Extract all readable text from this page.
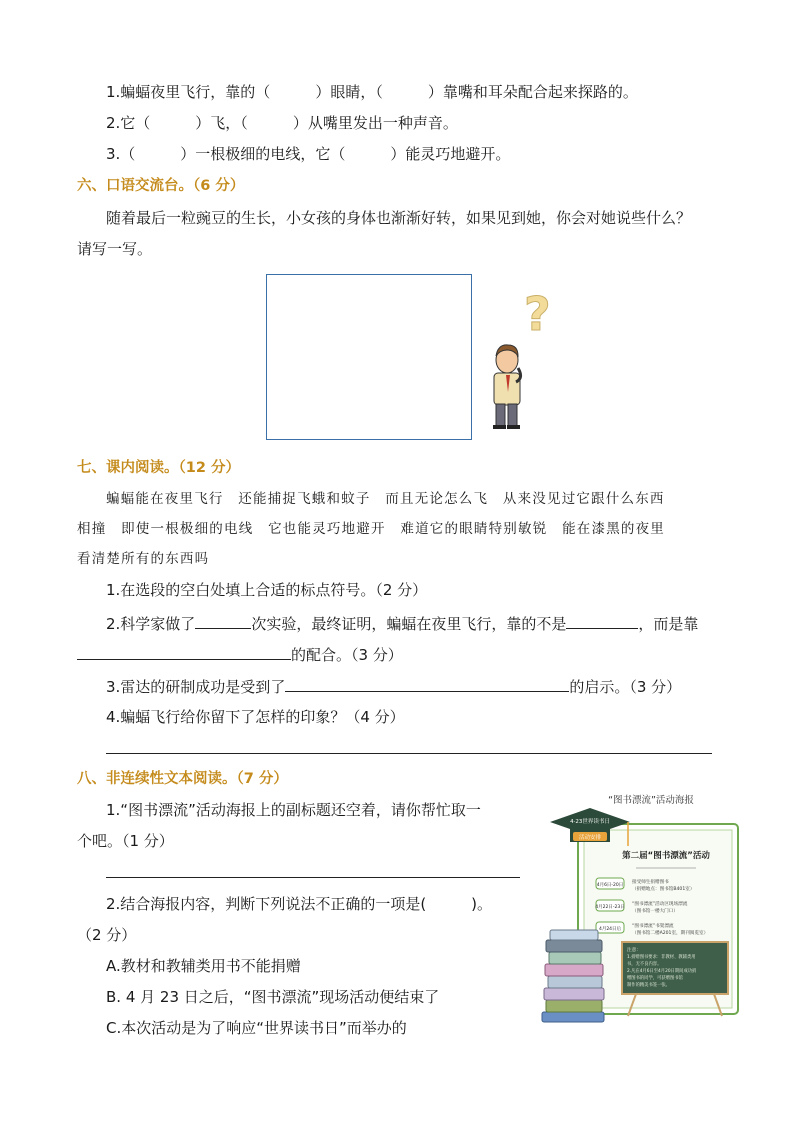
1.蝙蝠夜里飞行，靠的（　　　）眼睛，（　　　）靠嘴和耳朵配合起来探路的。
2.它（　　　）飞，（　　　）从嘴里发出一种声音。
3.（　　　）一根极细的电线，它（　　　）能灵巧地避开。
六、口语交流台。（6 分）
随着最后一粒豌豆的生长，小女孩的身体也渐渐好转，如果见到她，你会对她说些什么？
请写一写。
?
七、课内阅读。（12 分）
蝙蝠能在夜里飞行　还能捕捉飞蛾和蚊子　而且无论怎么飞　从来没见过它跟什么东西
相撞　即使一根极细的电线　它也能灵巧地避开　难道它的眼睛特别敏锐　能在漆黑的夜里
看清楚所有的东西吗
1.在选段的空白处填上合适的标点符号。（2 分）
2.科学家做了	次实验，最终证明，蝙蝠在夜里飞行，靠的不是	，而是靠
的配合。（3 分）
3.雷达的研制成功是受到了	的启示。（3 分）
4.蝙蝠飞行给你留下了怎样的印象？（4 分）
八、非连续性文本阅读。（7 分）
1.“图书漂流”活动海报上的副标题还空着，请你帮忙取一
个吧。（1 分）
2.结合海报内容，判断下列说法不正确的一项是(　　　)。
（2 分）
A.教材和教辅类用书不能捐赠
B. 4 月 23 日之后，“图书漂流”现场活动便结束了
C.本次活动是为了响应“世界读书日”而举办的
“图书漂流”活动海报
4·23世界读书日
活动安排
第二届“图书漂流”活动
4月6日-20日
接受师生捐赠图书
（捐赠地点：图书馆B401室）
4月22日-23日
“图书漂流”活动区现场漂流
（图书馆一楼大门口）
4月24日后
“图书漂流”书架漂流
（图书馆二楼A201室，期刊阅览室）
注意：
1.捐赠图书要求：非教材、教辅类用
书，无不良内容。
2.凡在4月6日至4月20日期间成功捐
赠图书的同学，可获赠图书馆
制作的精美书签一张。
